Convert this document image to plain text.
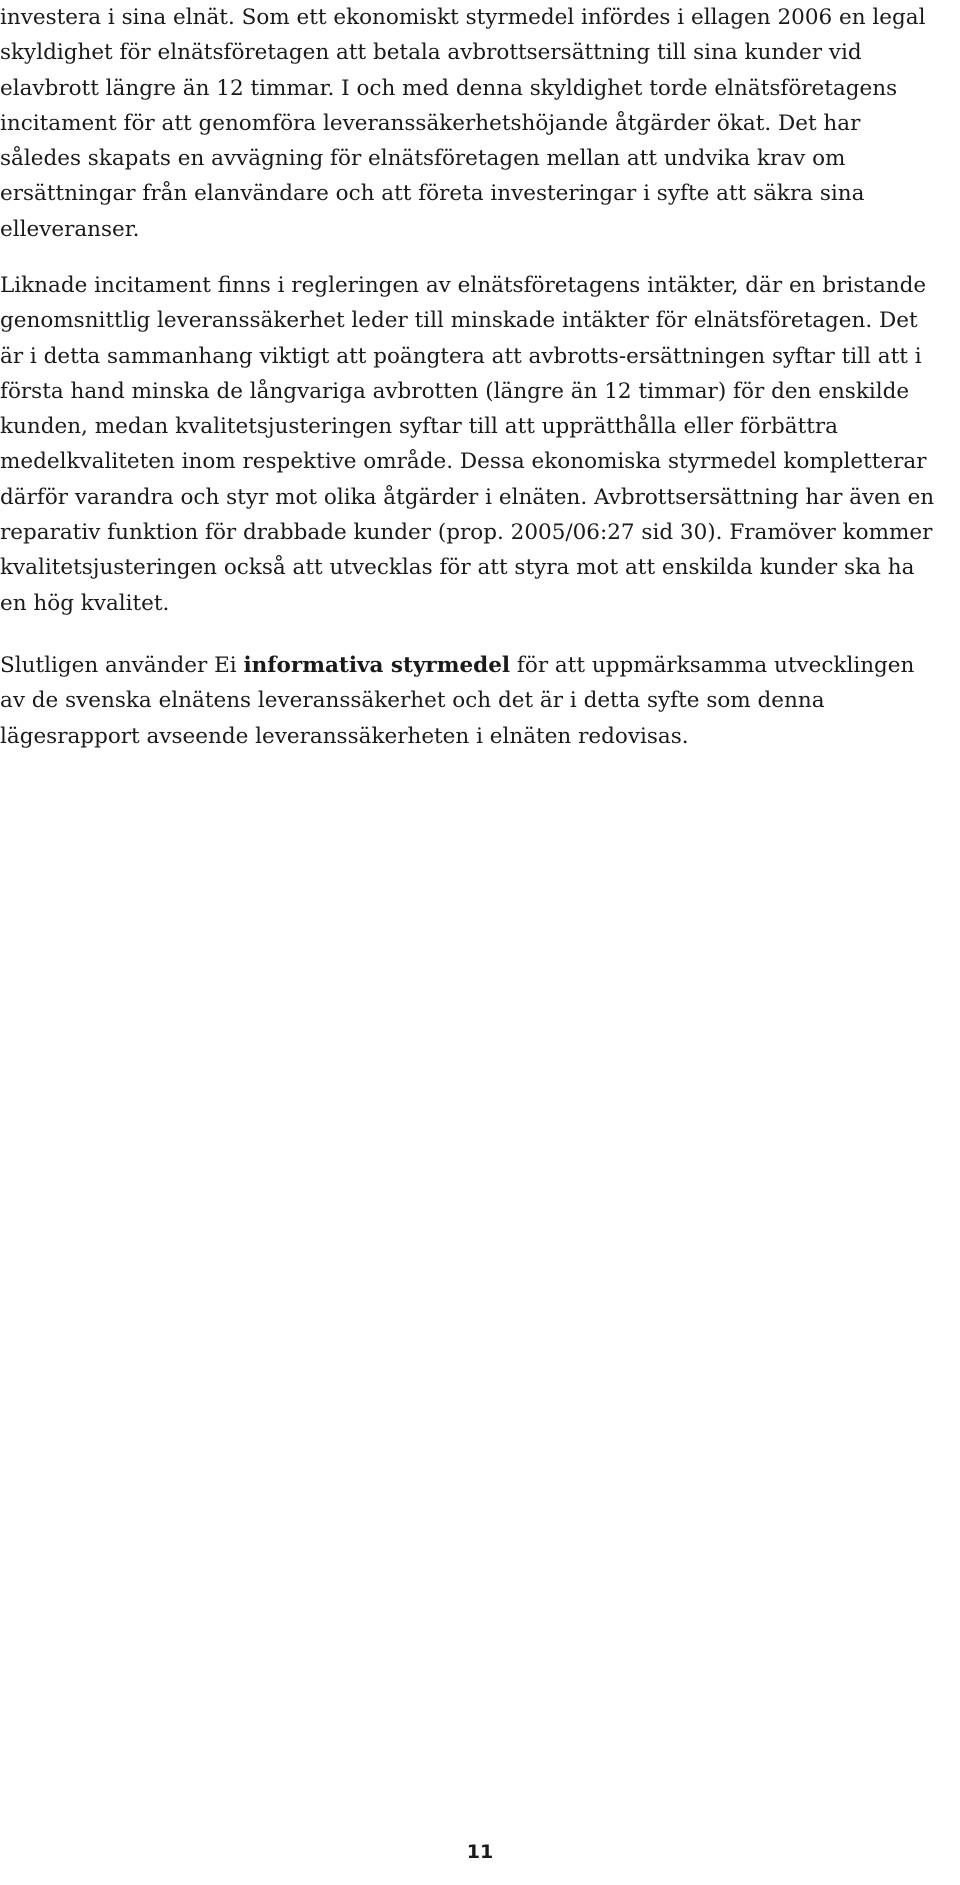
investera i sina elnät. Som ett ekonomiskt styrmedel infördes i ellagen 2006 en legal skyldighet för elnätsföretagen att betala avbrottsersättning till sina kunder vid elavbrott längre än 12 timmar. I och med denna skyldighet torde elnätsföretagens incitament för att genomföra leveranssäkerhetshöjande åtgärder ökat. Det har således skapats en avvägning för elnätsföretagen mellan att undvika krav om ersättningar från elanvändare och att företa investeringar i syfte att säkra sina elleveranser.

Liknade incitament finns i regleringen av elnätsföretagens intäkter, där en bristande genomsnittlig leveranssäkerhet leder till minskade intäkter för elnätsföretagen. Det är i detta sammanhang viktigt att poängtera att avbrotts-ersättningen syftar till att i första hand minska de långvariga avbrotten (längre än 12 timmar) för den enskilde kunden, medan kvalitetsjusteringen syftar till att upprätthålla eller förbättra medelkvaliteten inom respektive område. Dessa ekonomiska styrmedel kompletterar därför varandra och styr mot olika åtgärder i elnäten. Avbrottsersättning har även en reparativ funktion för drabbade kunder (prop. 2005/06:27 sid 30). Framöver kommer kvalitetsjusteringen också att utvecklas för att styra mot att enskilda kunder ska ha en hög kvalitet.

Slutligen använder Ei informativa styrmedel för att uppmärksamma utvecklingen av de svenska elnätens leveranssäkerhet och det är i detta syfte som denna lägesrapport avseende leveranssäkerheten i elnäten redovisas.

11
